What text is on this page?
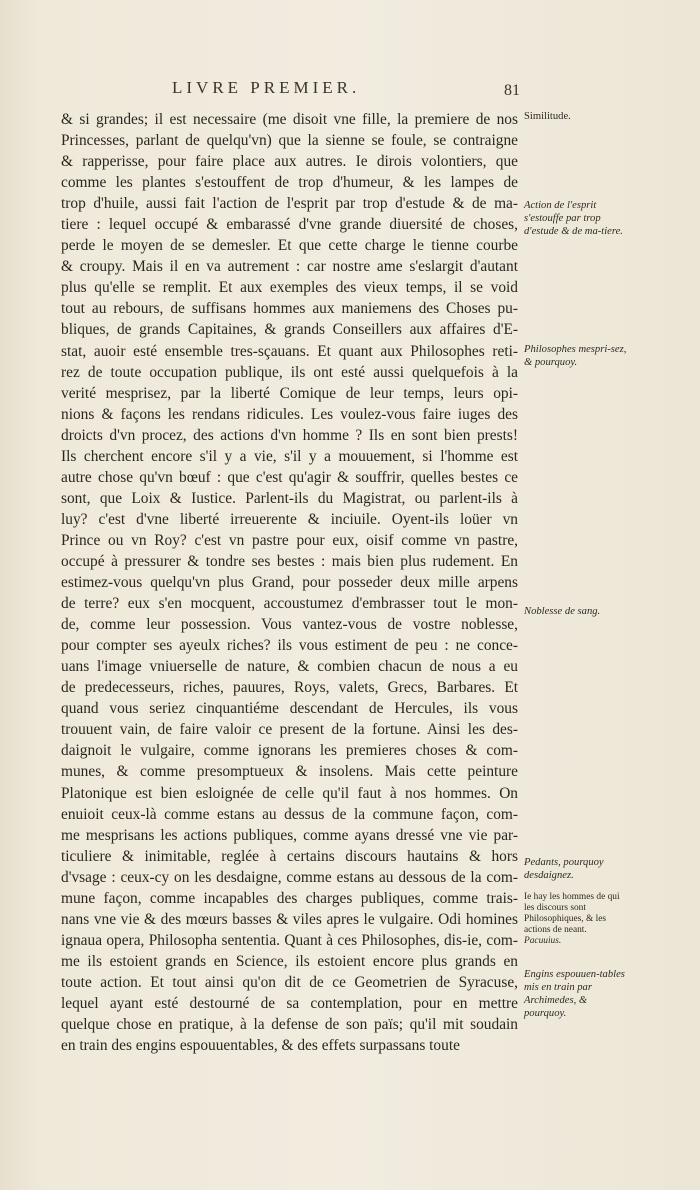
LIVRE PREMIER.	81
& si grandes; il est necessaire (me disoit vne fille, la premiere de nos
Princesses, parlant de quelqu'vn) que la sienne se foule, se contraigne
& rapperisse, pour faire place aux autres. Ie dirois volontiers, que
comme les plantes s'estouffent de trop d'humeur, & les lampes de
trop d'huile, aussi fait l'action de l'esprit par trop d'estude & de ma-
tiere : lequel occupé & embarassé d'vne grande diuersité de choses,
perde le moyen de se demesler. Et que cette charge le tienne courbe
& croupy. Mais il en va autrement : car nostre ame s'eslargit d'autant
plus qu'elle se remplit. Et aux exemples des vieux temps, il se void
tout au rebours, de suffisans hommes aux maniemens des Choses pu-
bliques, de grands Capitaines, & grands Conseillers aux affaires d'E-
stat, auoir esté ensemble tres-sçauans. Et quant aux Philosophes reti-
rez de toute occupation publique, ils ont esté aussi quelquefois à la
verité mesprisez, par la liberté Comique de leur temps, leurs opi-
nions & façons les rendans ridicules. Les voulez-vous faire iuges des
droicts d'vn procez, des actions d'vn homme ? Ils en sont bien prests!
Ils cherchent encore s'il y a vie, s'il y a mouuement, si l'homme est
autre chose qu'vn bœuf : que c'est qu'agir & souffrir, quelles bestes ce
sont, que Loix & Iustice. Parlent-ils du Magistrat, ou parlent-ils à
luy? c'est d'vne liberté irreuerente & inciuile. Oyent-ils loüer vn
Prince ou vn Roy? c'est vn pastre pour eux, oisif comme vn pastre,
occupé à pressurer & tondre ses bestes : mais bien plus rudement. En
estimez-vous quelqu'vn plus Grand, pour posseder deux mille arpens
de terre? eux s'en mocquent, accoustumez d'embrasser tout le mon-
de, comme leur possession. Vous vantez-vous de vostre noblesse,
pour compter ses ayeulx riches? ils vous estiment de peu : ne conce-
uans l'image vniuerselle de nature, & combien chacun de nous a eu
de predecesseurs, riches, pauures, Roys, valets, Grecs, Barbares. Et
quand vous seriez cinquantiéme descendant de Hercules, ils vous
trouuent vain, de faire valoir ce present de la fortune. Ainsi les des-
daignoit le vulgaire, comme ignorans les premieres choses & com-
munes, & comme presomptueux & insolens. Mais cette peinture
Platonique est bien esloignée de celle qu'il faut à nos hommes. On
enuioit ceux-là comme estans au dessus de la commune façon, com-
me mesprisans les actions publiques, comme ayans dressé vne vie par-
ticuliere & inimitable, reglée à certains discours hautains & hors
d'vsage : ceux-cy on les desdaigne, comme estans au dessous de la com-
mune façon, comme incapables des charges publiques, comme trais-
nans vne vie & des mœurs basses & viles apres le vulgaire. Odi homines
ignaua opera, Philosopha sententia. Quant à ces Philosophes, dis-ie, com-
me ils estoient grands en Science, ils estoient encore plus grands en
toute action. Et tout ainsi qu'on dit de ce Geometrien de Syracuse,
lequel ayant esté destourné de sa contemplation, pour en mettre
quelque chose en pratique, à la defense de son païs; qu'il mit soudain
en train des engins espouuentables, & des effets surpassans toute
Similitude.
Action de l'esprit s'estouffe par trop d'estude & de ma-tiere.
Philosophes mespri-sez, & pourquoy.
Noblesse de sang.
Pedants, pourquoy desdaignez.
Ie hay les hommes de qui les discours sont Philosophiques, & les actions de neant.
Pacuuius.
Engins espouuen-tables mis en train par Archimedes, & pourquoy.
